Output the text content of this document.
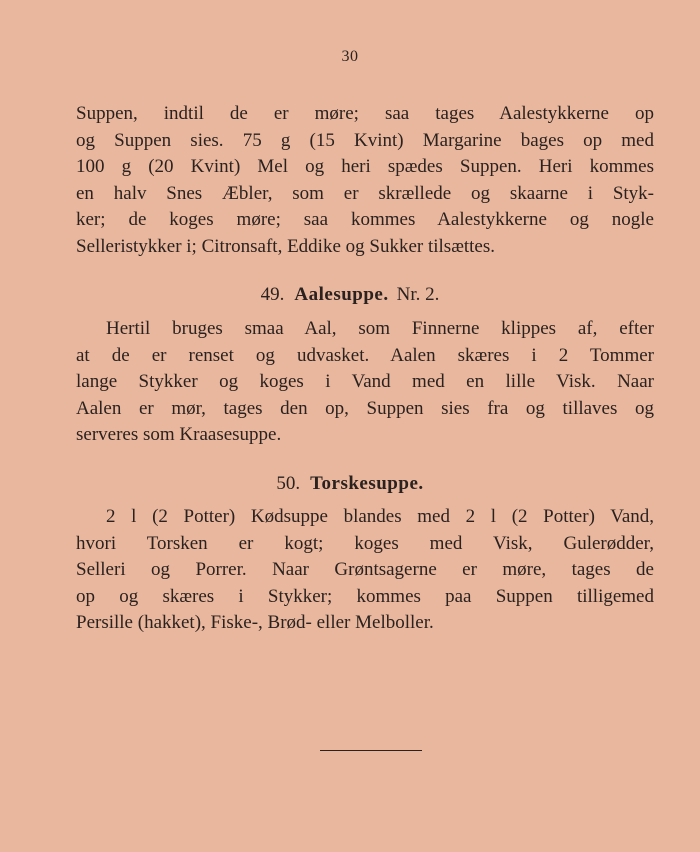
30
Suppen, indtil de er møre; saa tages Aalestykkerne op
og Suppen sies. 75 g (15 Kvint) Margarine bages op med
100 g (20 Kvint) Mel og heri spædes Suppen. Heri kommes
en halv Snes Æbler, som er skrællede og skaarne i Styk-
ker; de koges møre; saa kommes Aalestykkerne og nogle
Selleristykker i; Citronsaft, Eddike og Sukker tilsættes.
49. Aalesuppe. Nr. 2.
Hertil bruges smaa Aal, som Finnerne klippes af, efter
at de er renset og udvasket. Aalen skæres i 2 Tommer
lange Stykker og koges i Vand med en lille Visk. Naar
Aalen er mør, tages den op, Suppen sies fra og tillaves og
serveres som Kraasesuppe.
50. Torskesuppe.
2 l (2 Potter) Kødsuppe blandes med 2 l (2 Potter) Vand,
hvori Torsken er kogt; koges med Visk, Gulerødder,
Selleri og Porrer. Naar Grøntsagerne er møre, tages de
op og skæres i Stykker; kommes paa Suppen tilligemed
Persille (hakket), Fiske-, Brød- eller Melboller.
